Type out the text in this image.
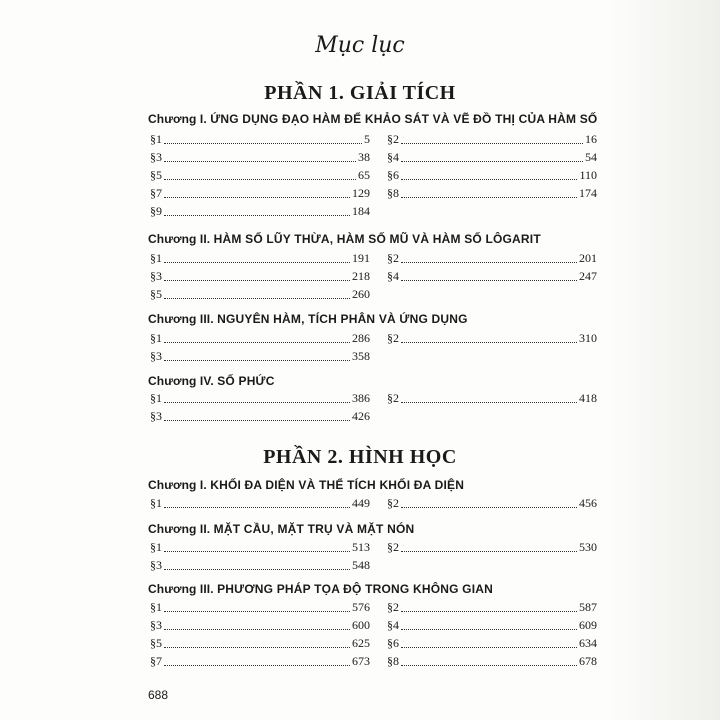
Mục lục
PHẦN 1. GIẢI TÍCH
Chương I. ỨNG DỤNG ĐẠO HÀM ĐỂ KHẢO SÁT VÀ VẼ ĐỒ THỊ CỦA HÀM SỐ
§1	5 §2	16
§3	38 §4	54
§5	65 §6	110
§7	129 §8	174
§9	184
Chương II. HÀM SỐ LŨY THỪA, HÀM SỐ MŨ VÀ HÀM SỐ LÔGARIT
§1	191 §2	201
§3	218 §4	247
§5	260
Chương III. NGUYÊN HÀM, TÍCH PHÂN VÀ ỨNG DỤNG
§1	286 §2	310
§3	358
Chương IV. SỐ PHỨC
§1	386 §2	418
§3	426
PHẦN 2. HÌNH HỌC
Chương I. KHỐI ĐA DIỆN VÀ THỂ TÍCH KHỐI ĐA DIỆN
§1	449 §2	456
Chương II. MẶT CẦU, MẶT TRỤ VÀ MẶT NÓN
§1	513 §2	530
§3	548
Chương III. PHƯƠNG PHÁP TỌA ĐỘ TRONG KHÔNG GIAN
§1	576 §2	587
§3	600 §4	609
§5	625 §6	634
§7	673 §8	678
688
